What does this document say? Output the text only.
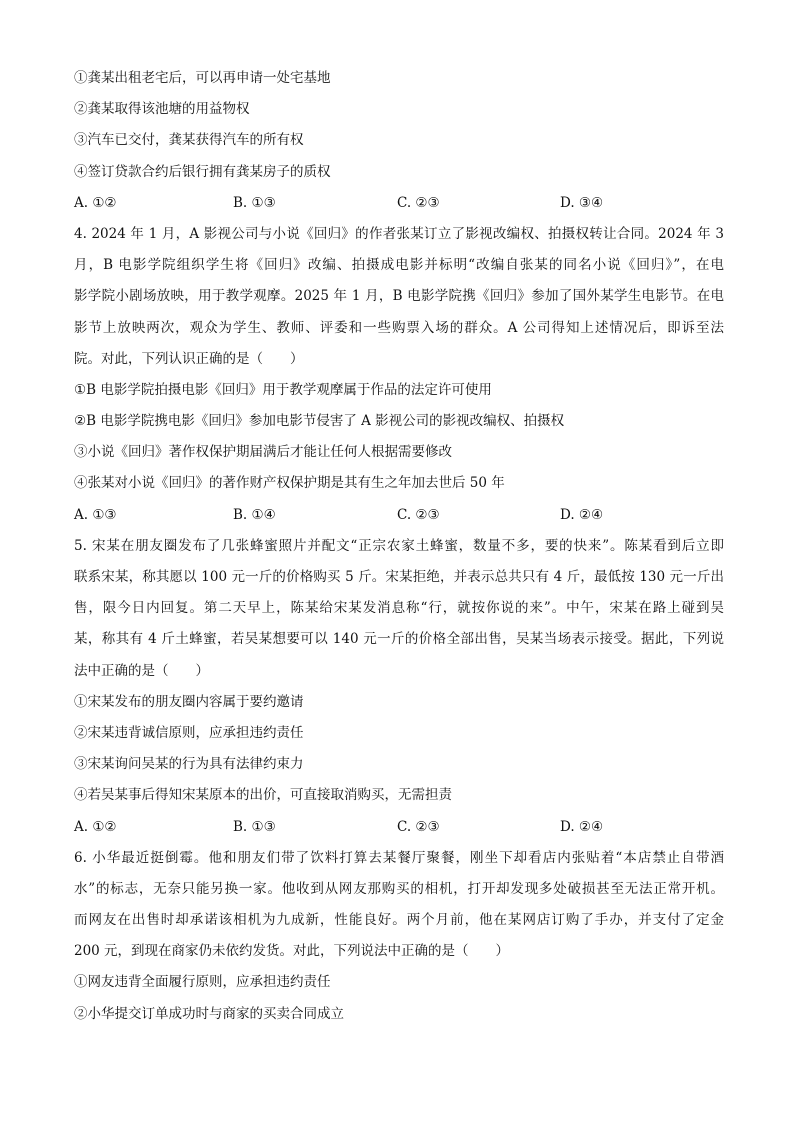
①龚某出租老宅后，可以再申请一处宅基地
②龚某取得该池塘的用益物权
③汽车已交付，龚某获得汽车的所有权
④签订贷款合约后银行拥有龚某房子的质权
A. ①②	B. ①③	C. ②③	D. ③④
4. 2024 年 1 月，A 影视公司与小说《回归》的作者张某订立了影视改编权、拍摄权转让合同。2024 年 3
月，B 电影学院组织学生将《回归》改编、拍摄成电影并标明“改编自张某的同名小说《回归》”，在电
影学院小剧场放映，用于教学观摩。2025 年 1 月，B 电影学院携《回归》参加了国外某学生电影节。在电
影节上放映两次，观众为学生、教师、评委和一些购票入场的群众。A 公司得知上述情况后，即诉至法
院。对此，下列认识正确的是（　　）
①B 电影学院拍摄电影《回归》用于教学观摩属于作品的法定许可使用
②B 电影学院携电影《回归》参加电影节侵害了 A 影视公司的影视改编权、拍摄权
③小说《回归》著作权保护期届满后才能让任何人根据需要修改
④张某对小说《回归》的著作财产权保护期是其有生之年加去世后 50 年
A. ①③	B. ①④	C. ②③	D. ②④
5. 宋某在朋友圈发布了几张蜂蜜照片并配文“正宗农家土蜂蜜，数量不多，要的快来”。陈某看到后立即
联系宋某，称其愿以 100 元一斤的价格购买 5 斤。宋某拒绝，并表示总共只有 4 斤，最低按 130 元一斤出
售，限今日内回复。第二天早上，陈某给宋某发消息称“行，就按你说的来”。中午，宋某在路上碰到吴
某，称其有 4 斤土蜂蜜，若吴某想要可以 140 元一斤的价格全部出售，吴某当场表示接受。据此，下列说
法中正确的是（　　）
①宋某发布的朋友圈内容属于要约邀请
②宋某违背诚信原则，应承担违约责任
③宋某询问吴某的行为具有法律约束力
④若吴某事后得知宋某原本的出价，可直接取消购买，无需担责
A. ①②	B. ①③	C. ②③	D. ②④
6. 小华最近挺倒霉。他和朋友们带了饮料打算去某餐厅聚餐，刚坐下却看店内张贴着“本店禁止自带酒
水”的标志，无奈只能另换一家。他收到从网友那购买的相机，打开却发现多处破损甚至无法正常开机。
而网友在出售时却承诺该相机为九成新，性能良好。两个月前，他在某网店订购了手办，并支付了定金
200 元，到现在商家仍未依约发货。对此，下列说法中正确的是（　　）
①网友违背全面履行原则，应承担违约责任
②小华提交订单成功时与商家的买卖合同成立
